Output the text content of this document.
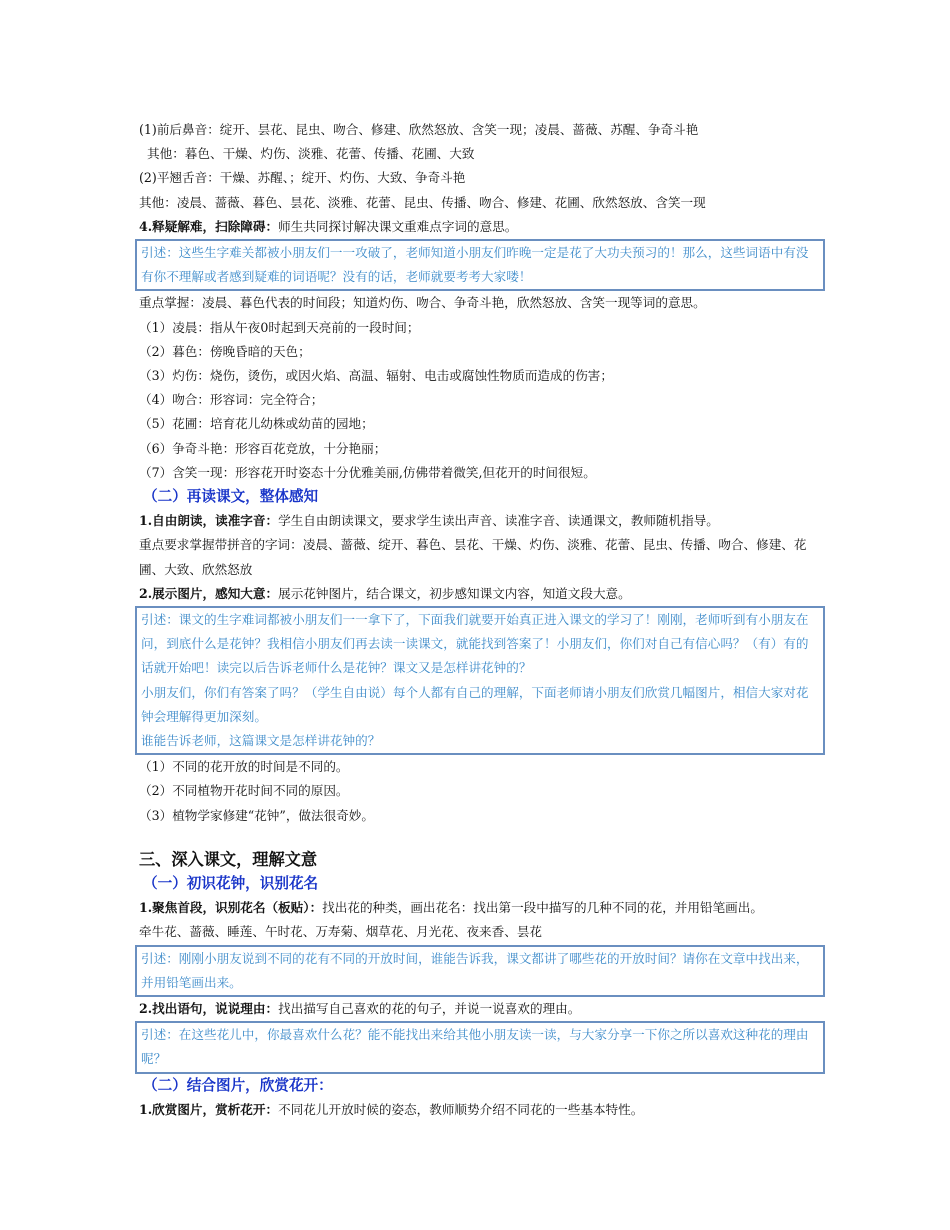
(1)前后鼻音：绽开、昙花、昆虫、吻合、修建、欣然怒放、含笑一现；凌晨、蔷薇、苏醒、争奇斗艳
其他：暮色、干燥、灼伤、淡雅、花蕾、传播、花圃、大致
(2)平翘舌音：干燥、苏醒、；绽开、灼伤、大致、争奇斗艳
其他：凌晨、蔷薇、暮色、昙花、淡雅、花蕾、昆虫、传播、吻合、修建、花圃、欣然怒放、含笑一现
4.释疑解难，扫除障碍：师生共同探讨解决课文重难点字词的意思。
引述：这些生字难关都被小朋友们一一攻破了，老师知道小朋友们昨晚一定是花了大功夫预习的！那么，这些词语中有没有你不理解或者感到疑难的词语呢？没有的话，老师就要考考大家喽！
重点掌握：凌晨、暮色代表的时间段；知道灼伤、吻合、争奇斗艳，欣然怒放、含笑一现等词的意思。
（1）凌晨：指从午夜0时起到天亮前的一段时间；
（2）暮色：傍晚昏暗的天色；
（3）灼伤：烧伤，烫伤，或因火焰、高温、辐射、电击或腐蚀性物质而造成的伤害；
（4）吻合：形容词：完全符合；
（5）花圃：培育花儿幼株或幼苗的园地；
（6）争奇斗艳：形容百花竞放，十分艳丽；
（7）含笑一现：形容花开时姿态十分优雅美丽,仿佛带着微笑,但花开的时间很短。
（二）再读课文，整体感知
1.自由朗读，读准字音：学生自由朗读课文，要求学生读出声音、读准字音、读通课文，教师随机指导。
重点要求掌握带拼音的字词：凌晨、蔷薇、绽开、暮色、昙花、干燥、灼伤、淡雅、花蕾、昆虫、传播、吻合、修建、花圃、大致、欣然怒放
2.展示图片，感知大意：展示花钟图片，结合课文，初步感知课文内容，知道文段大意。
引述：课文的生字难词都被小朋友们一一拿下了，下面我们就要开始真正进入课文的学习了！刚刚，老师听到有小朋友在问，到底什么是花钟？我相信小朋友们再去读一读课文，就能找到答案了！小朋友们，你们对自己有信心吗？（有）有的话就开始吧！读完以后告诉老师什么是花钟？课文又是怎样讲花钟的？
小朋友们，你们有答案了吗？（学生自由说）每个人都有自己的理解，下面老师请小朋友们欣赏几幅图片，相信大家对花钟会理解得更加深刻。
谁能告诉老师，这篇课文是怎样讲花钟的？
（1）不同的花开放的时间是不同的。
（2）不同植物开花时间不同的原因。
（3）植物学家修建“花钟”，做法很奇妙。
三、深入课文，理解文意
（一）初识花钟，识别花名
1.聚焦首段，识别花名（板贴）：找出花的种类，画出花名：找出第一段中描写的几种不同的花，并用铅笔画出。
牵牛花、蔷薇、睡莲、午时花、万寿菊、烟草花、月光花、夜来香、昙花
引述：刚刚小朋友说到不同的花有不同的开放时间，谁能告诉我，课文都讲了哪些花的开放时间？请你在文章中找出来，并用铅笔画出来。
2.找出语句，说说理由：找出描写自己喜欢的花的句子，并说一说喜欢的理由。
引述：在这些花儿中，你最喜欢什么花？能不能找出来给其他小朋友读一读，与大家分享一下你之所以喜欢这种花的理由呢？
（二）结合图片，欣赏花开：
1.欣赏图片，赏析花开：不同花儿开放时候的姿态，教师顺势介绍不同花的一些基本特性。
